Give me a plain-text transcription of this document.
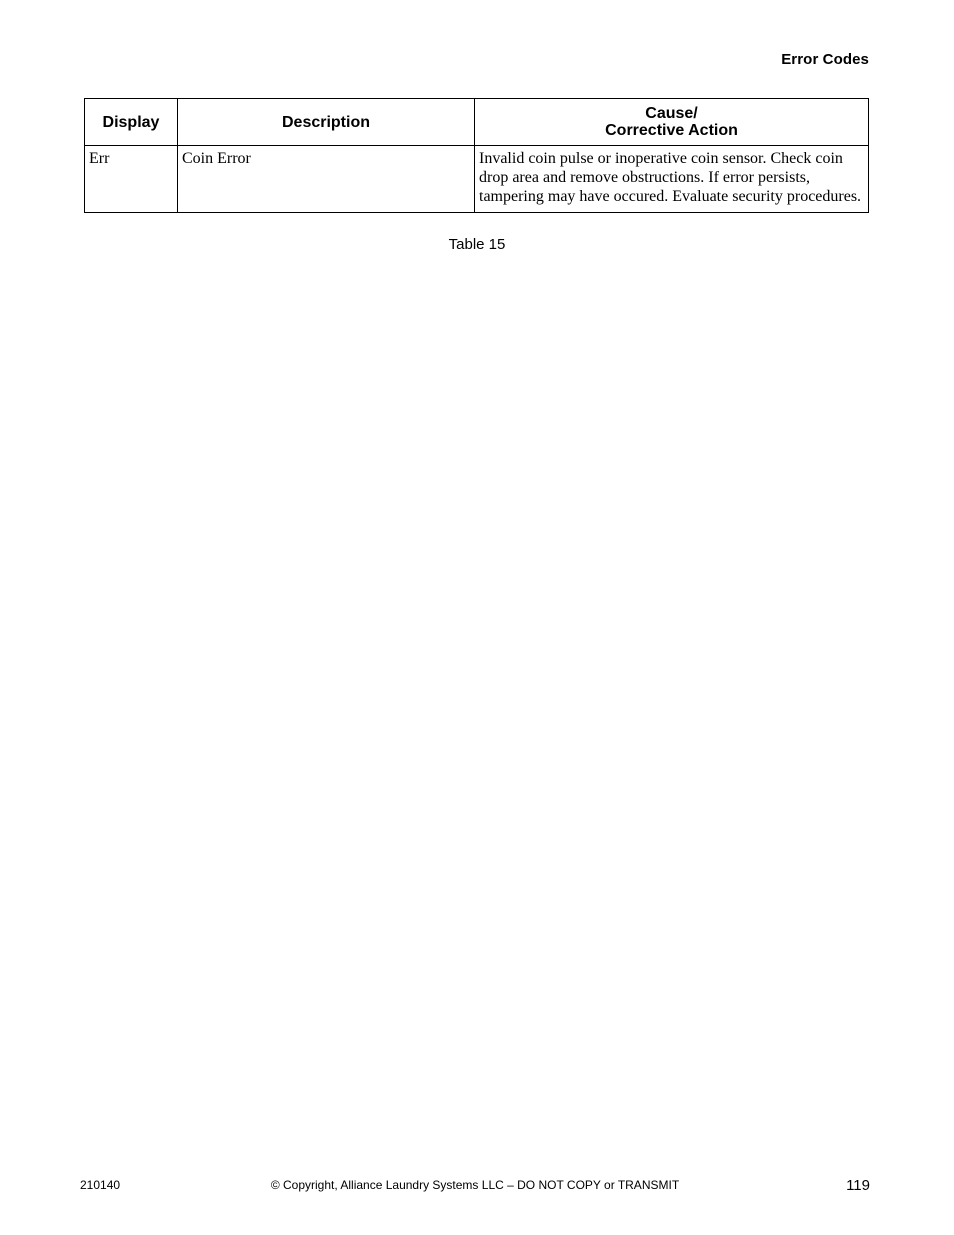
Error Codes
Display	Description	Cause/
Corrective Action

Err	Coin Error	Invalid coin pulse or inoperative coin sensor. Check coin drop area and remove obstructions. If error persists, tampering may have occured. Evaluate security procedures.
Table 15
210140	© Copyright, Alliance Laundry Systems LLC – DO NOT COPY or TRANSMIT	119
